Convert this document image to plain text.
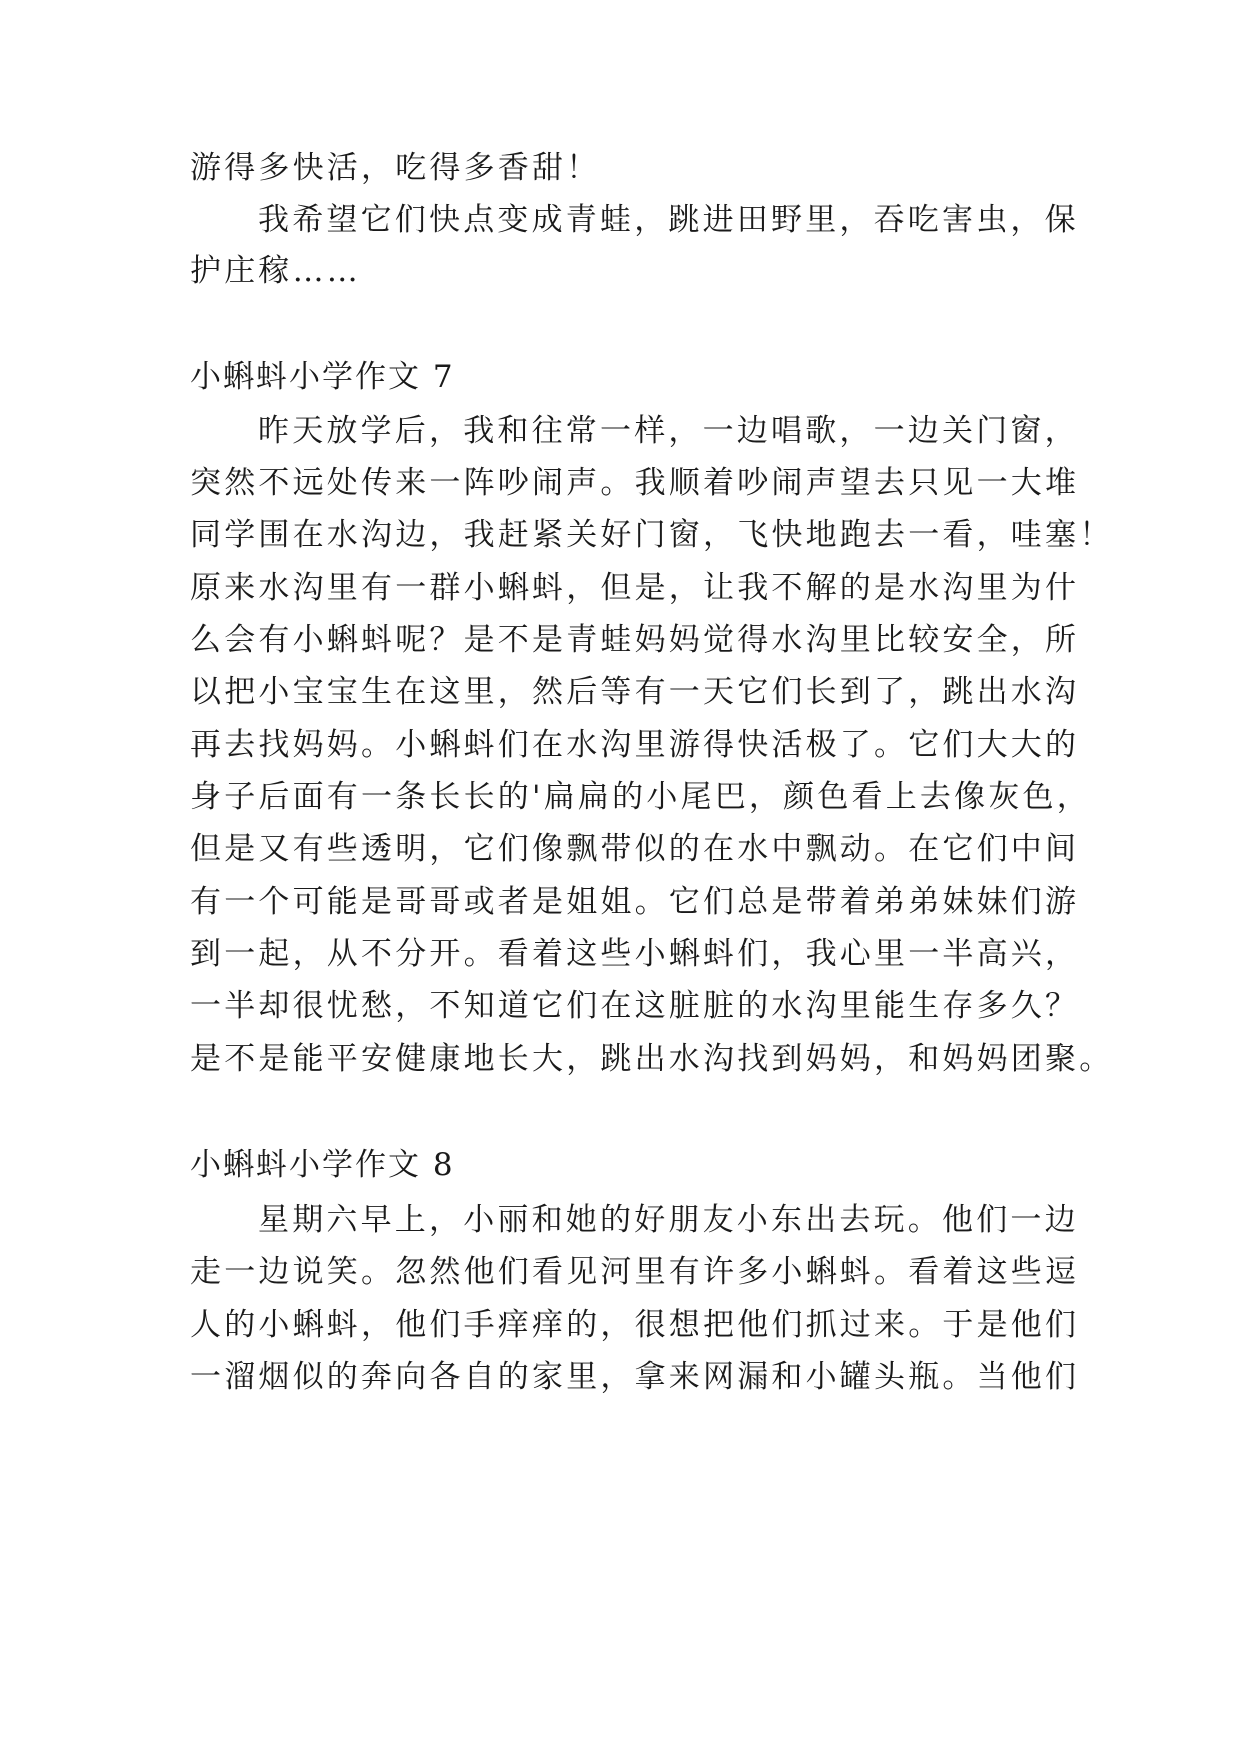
游得多快活，吃得多香甜！
我希望它们快点变成青蛙，跳进田野里，吞吃害虫，保
护庄稼……
小蝌蚪小学作文 7
昨天放学后，我和往常一样，一边唱歌，一边关门窗，
突然不远处传来一阵吵闹声。我顺着吵闹声望去只见一大堆
同学围在水沟边，我赶紧关好门窗，飞快地跑去一看，哇塞！
原来水沟里有一群小蝌蚪，但是，让我不解的是水沟里为什
么会有小蝌蚪呢？是不是青蛙妈妈觉得水沟里比较安全，所
以把小宝宝生在这里，然后等有一天它们长到了，跳出水沟
再去找妈妈。小蝌蚪们在水沟里游得快活极了。它们大大的
身子后面有一条长长的'扁扁的小尾巴，颜色看上去像灰色，
但是又有些透明，它们像飘带似的在水中飘动。在它们中间
有一个可能是哥哥或者是姐姐。它们总是带着弟弟妹妹们游
到一起，从不分开。看着这些小蝌蚪们，我心里一半高兴，
一半却很忧愁，不知道它们在这脏脏的水沟里能生存多久？
是不是能平安健康地长大，跳出水沟找到妈妈，和妈妈团聚。
小蝌蚪小学作文 8
星期六早上，小丽和她的好朋友小东出去玩。他们一边
走一边说笑。忽然他们看见河里有许多小蝌蚪。看着这些逗
人的小蝌蚪，他们手痒痒的，很想把他们抓过来。于是他们
一溜烟似的奔向各自的家里，拿来网漏和小罐头瓶。当他们
